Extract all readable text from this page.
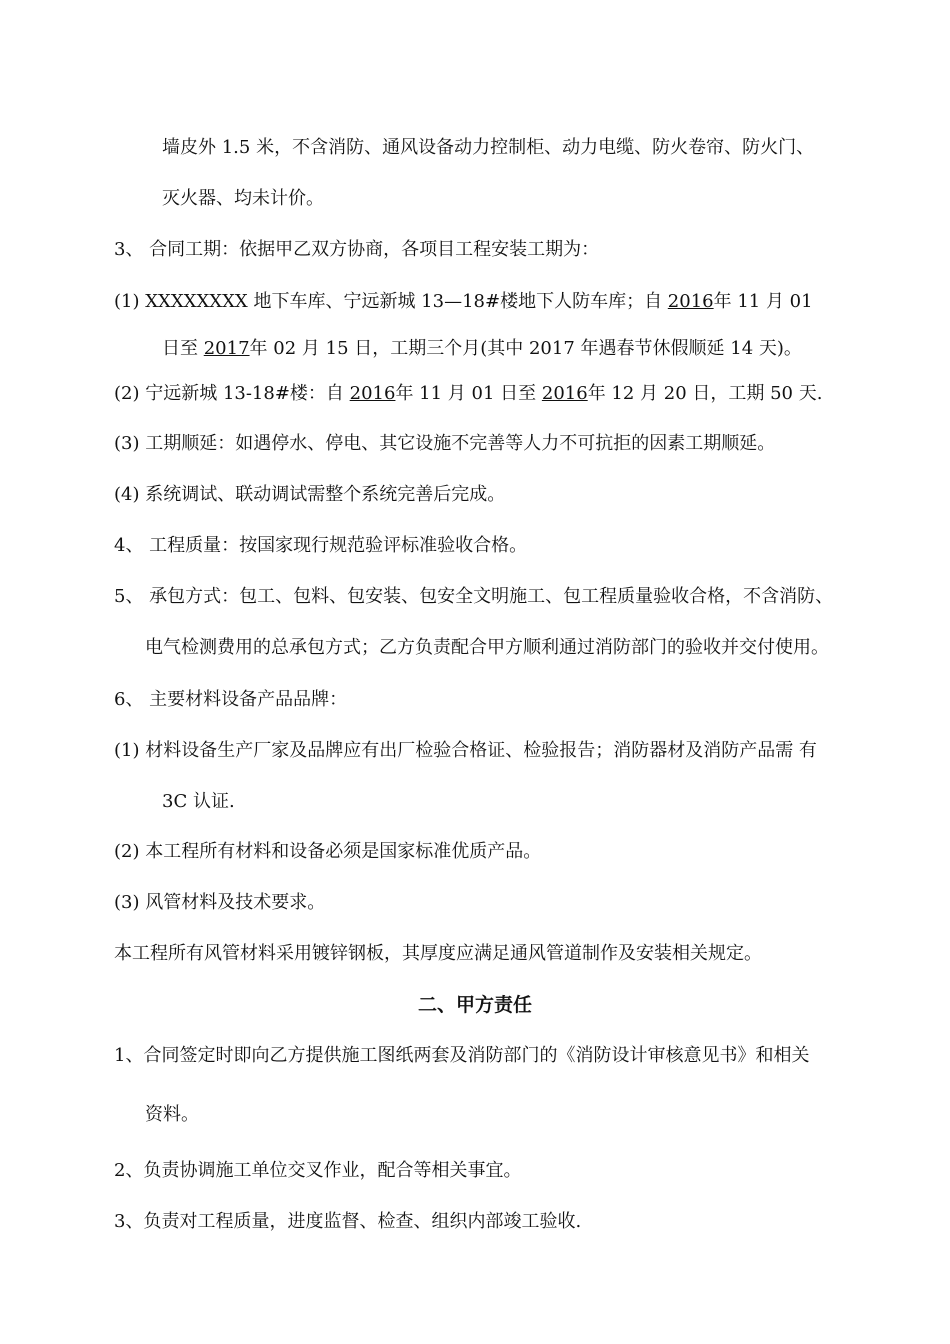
墙皮外 1.5 米，不含消防、通风设备动力控制柜、动力电缆、防火卷帘、防火门、
灭火器、均未计价。
3、 合同工期：依据甲乙双方协商，各项目工程安装工期为：
(1) XXXXXXXX 地下车库、宁远新城 13—18#楼地下人防车库；自 2016年 11 月 01
日至 2017年 02 月 15 日，工期三个月(其中 2017 年遇春节休假顺延 14 天)。
(2) 宁远新城 13-18#楼：自 2016年 11 月 01 日至 2016年 12 月 20 日，工期 50 天.
(3) 工期顺延：如遇停水、停电、其它设施不完善等人力不可抗拒的因素工期顺延。
(4) 系统调试、联动调试需整个系统完善后完成。
4、 工程质量：按国家现行规范验评标准验收合格。
5、 承包方式：包工、包料、包安装、包安全文明施工、包工程质量验收合格，不含消防、
电气检测费用的总承包方式；乙方负责配合甲方顺利通过消防部门的验收并交付使用。
6、 主要材料设备产品品牌：
(1) 材料设备生产厂家及品牌应有出厂检验合格证、检验报告；消防器材及消防产品需 有
3C 认证.
(2) 本工程所有材料和设备必须是国家标准优质产品。
(3) 风管材料及技术要求。
本工程所有风管材料采用镀锌钢板，其厚度应满足通风管道制作及安装相关规定。
二、甲方责任
1、合同签定时即向乙方提供施工图纸两套及消防部门的《消防设计审核意见书》和相关
资料。
2、负责协调施工单位交叉作业，配合等相关事宜。
3、负责对工程质量，进度监督、检查、组织内部竣工验收.
